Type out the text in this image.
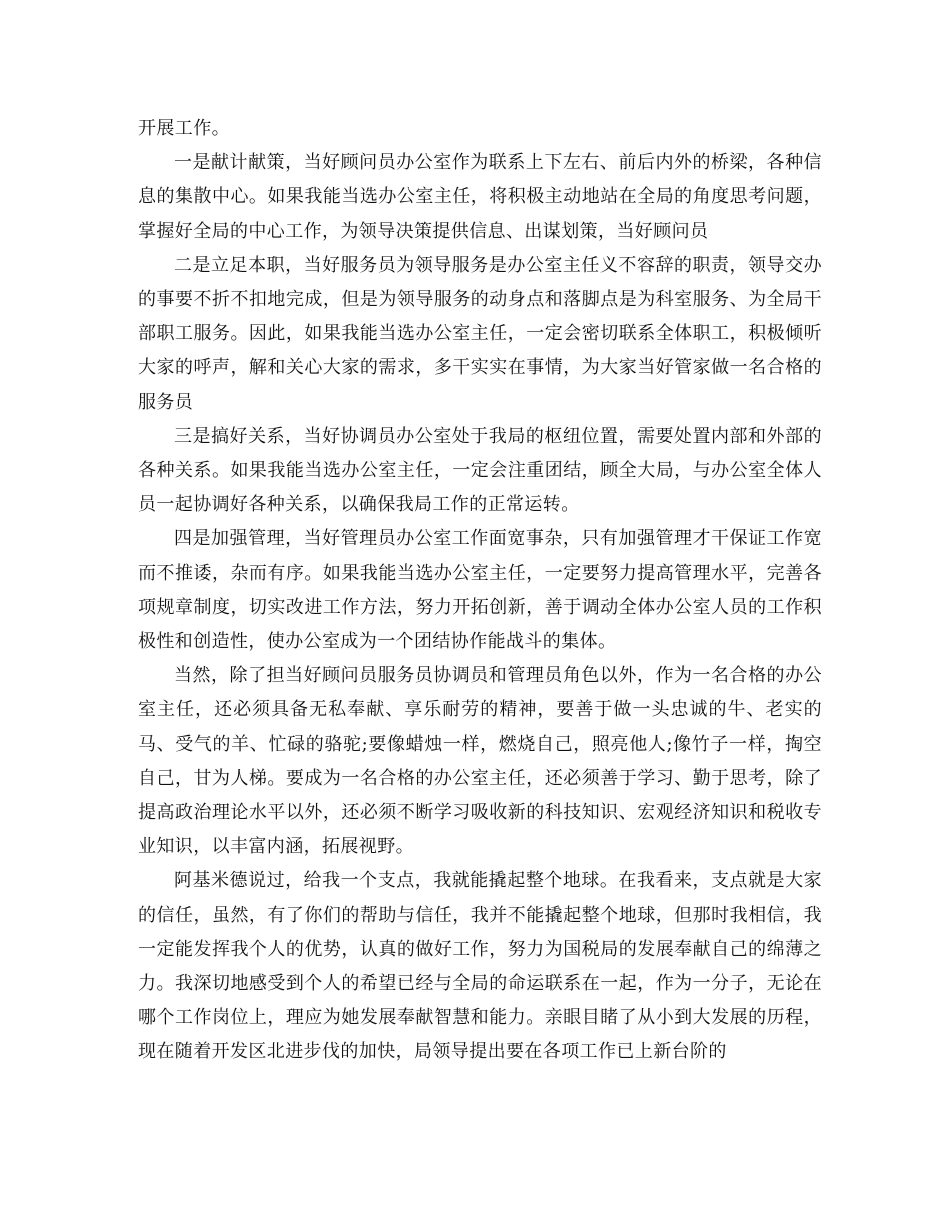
开展工作。

一是献计献策，当好顾问员办公室作为联系上下左右、前后内外的桥梁，各种信息的集散中心。如果我能当选办公室主任，将积极主动地站在全局的角度思考问题，掌握好全局的中心工作，为领导决策提供信息、出谋划策，当好顾问员

二是立足本职，当好服务员为领导服务是办公室主任义不容辞的职责，领导交办的事要不折不扣地完成，但是为领导服务的动身点和落脚点是为科室服务、为全局干部职工服务。因此，如果我能当选办公室主任，一定会密切联系全体职工，积极倾听大家的呼声，解和关心大家的需求，多干实实在事情，为大家当好管家做一名合格的服务员

三是搞好关系，当好协调员办公室处于我局的枢纽位置，需要处置内部和外部的各种关系。如果我能当选办公室主任，一定会注重团结，顾全大局，与办公室全体人员一起协调好各种关系，以确保我局工作的正常运转。

四是加强管理，当好管理员办公室工作面宽事杂，只有加强管理才干保证工作宽而不推诿，杂而有序。如果我能当选办公室主任，一定要努力提高管理水平，完善各项规章制度，切实改进工作方法，努力开拓创新，善于调动全体办公室人员的工作积极性和创造性，使办公室成为一个团结协作能战斗的集体。

当然，除了担当好顾问员服务员协调员和管理员角色以外，作为一名合格的办公室主任，还必须具备无私奉献、享乐耐劳的精神，要善于做一头忠诚的牛、老实的马、受气的羊、忙碌的骆驼;要像蜡烛一样，燃烧自己，照亮他人;像竹子一样，掏空自己，甘为人梯。要成为一名合格的办公室主任，还必须善于学习、勤于思考，除了提高政治理论水平以外，还必须不断学习吸收新的科技知识、宏观经济知识和税收专业知识，以丰富内涵，拓展视野。

阿基米德说过，给我一个支点，我就能撬起整个地球。在我看来，支点就是大家的信任，虽然，有了你们的帮助与信任，我并不能撬起整个地球，但那时我相信，我一定能发挥我个人的优势，认真的做好工作，努力为国税局的发展奉献自己的绵薄之力。我深切地感受到个人的希望已经与全局的命运联系在一起，作为一分子，无论在哪个工作岗位上，理应为她发展奉献智慧和能力。亲眼目睹了从小到大发展的历程，现在随着开发区北进步伐的加快，局领导提出要在各项工作已上新台阶的
